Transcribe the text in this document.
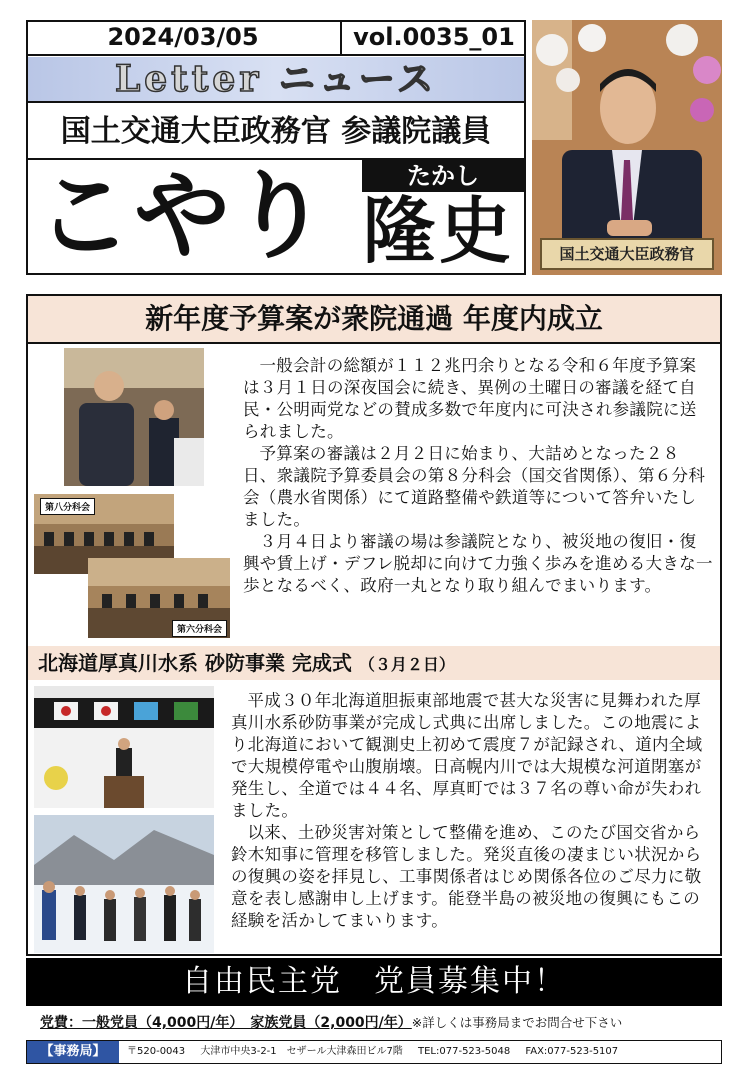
2024/03/05	vol.0035_01
Letter ニュース
国土交通大臣政務官 参議院議員
こやり	たかし
隆史	国土交通大臣政務官
新年度予算案が衆院通過 年度内成立
第八分科会
第六分科会

一般会計の総額が１１２兆円余りとなる令和６年度予算案は３月１日の深夜国会に続き、異例の土曜日の審議を経て自民・公明両党などの賛成多数で年度内に可決され参議院に送られました。

予算案の審議は２月２日に始まり、大詰めとなった２８日、衆議院予算委員会の第８分科会（国交省関係）、第６分科会（農水省関係）にて道路整備や鉄道等について答弁いたしました。

３月４日より審議の場は参議院となり、被災地の復旧・復興や賃上げ・デフレ脱却に向けて力強く歩みを進める大きな一歩となるべく、政府一丸となり取り組んでまいります。

北海道厚真川水系 砂防事業 完成式 （３月２日）

平成３０年北海道胆振東部地震で甚大な災害に見舞われた厚真川水系砂防事業が完成し式典に出席しました。この地震により北海道において観測史上初めて震度７が記録され、道内全域で大規模停電や山腹崩壊。日高幌内川では大規模な河道閉塞が発生し、全道では４４名、厚真町では３７名の尊い命が失われました。

以来、土砂災害対策として整備を進め、このたび国交省から鈴木知事に管理を移管しました。発災直後の凄まじい状況からの復興の姿を拝見し、工事関係者はじめ関係各位のご尽力に敬意を表し感謝申し上げます。能登半島の被災地の復興にもこの経験を活かしてまいります。

自由民主党　党員募集中！
党費：一般党員（4,000円/年）　家族党員（2,000円/年）※詳しくは事務局までお問合せ下さい
【事務局】	〒520-0043 大津市中央3-2-1　セザール大津森田ビル7階 TEL:077-523-5048 FAX:077-523-5107
